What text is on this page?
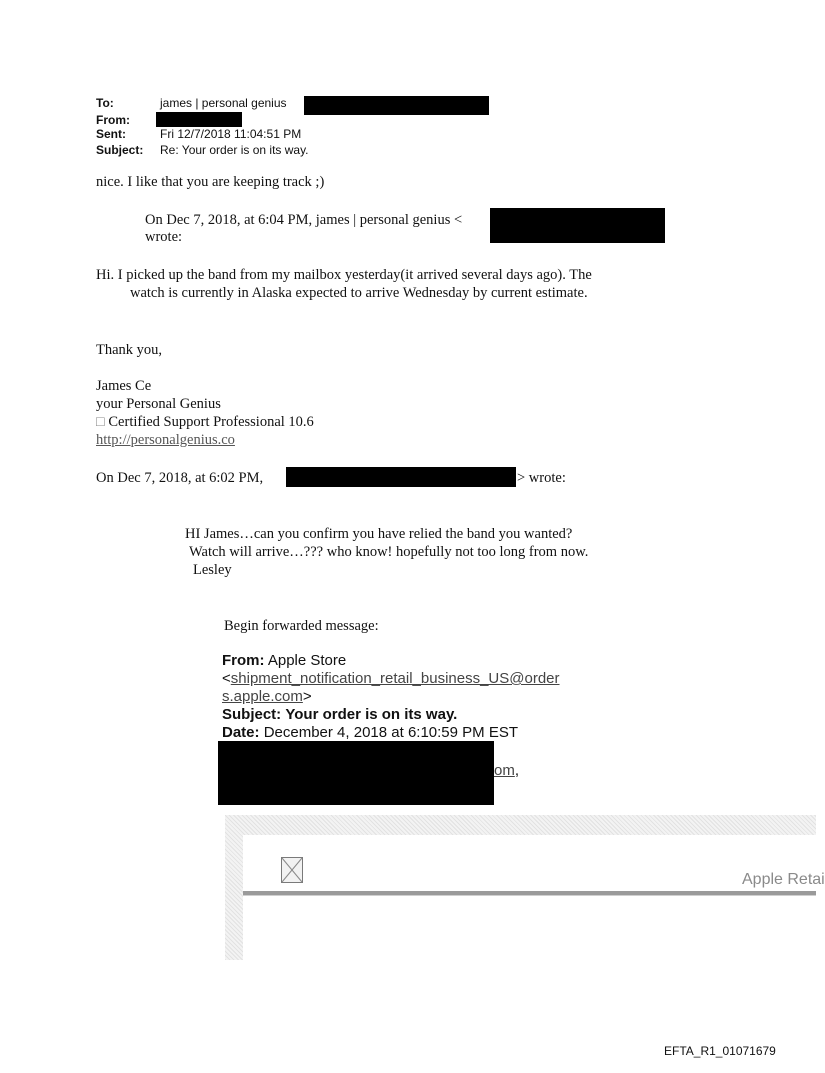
To:	james | personal genius
From:
Sent:	Fri 12/7/2018 11:04:51 PM
Subject: Re: Your order is on its way.
nice. I like that you are keeping track ;)
On Dec 7, 2018, at 6:04 PM, james | personal genius <
wrote:
Hi. I picked up the band from my mailbox yesterday(it arrived several days ago). The
watch is currently in Alaska expected to arrive Wednesday by current estimate.
Thank you,
James Ce
your Personal Genius
□ Certified Support Professional 10.6
http://personalgenius.co
On Dec 7, 2018, at 6:02 PM,	> wrote:
HI James…can you confirm you have relied the band you wanted?
Watch will arrive…??? who know! hopefully not too long from now.
Lesley
Begin forwarded message:
From: Apple Store
<shipment_notification_retail_business_US@order
s.apple.com>
Subject: Your order is on its way.
Date: December 4, 2018 at 6:10:59 PM EST
om,
Apple Retai
EFTA_R1_01071679
